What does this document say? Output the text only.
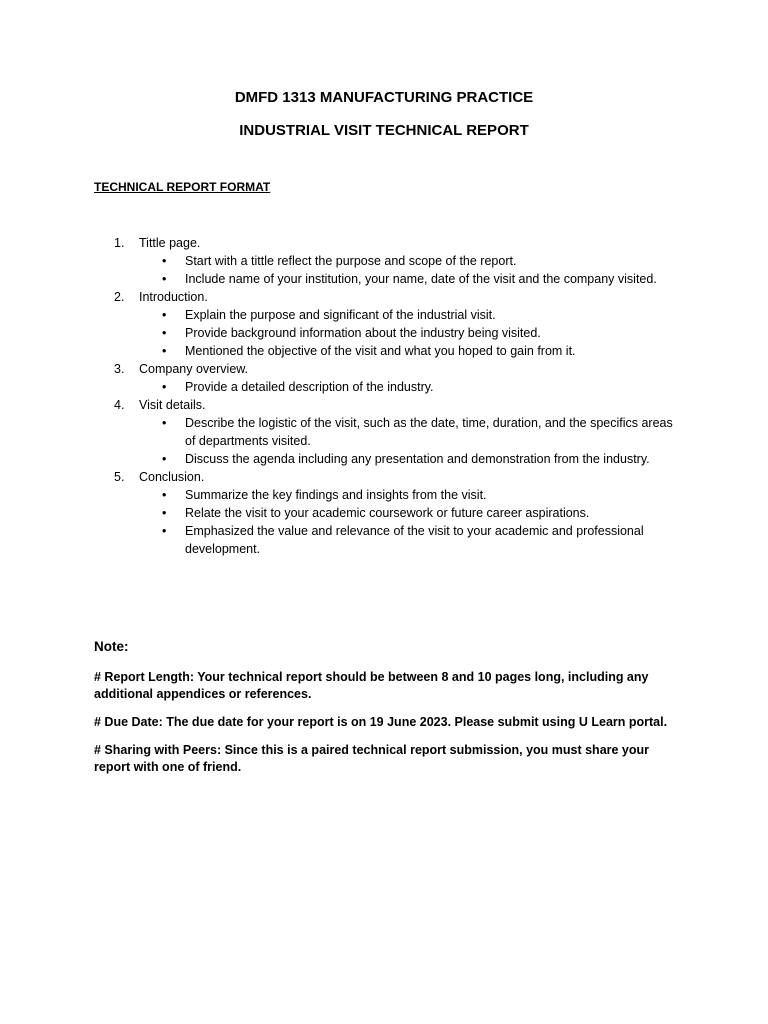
DMFD 1313 MANUFACTURING PRACTICE
INDUSTRIAL VISIT TECHNICAL REPORT
TECHNICAL REPORT FORMAT
1.	Tittle page.
• Start with a tittle reflect the purpose and scope of the report.
• Include name of your institution, your name, date of the visit and the company visited.
2.	Introduction.
• Explain the purpose and significant of the industrial visit.
• Provide background information about the industry being visited.
• Mentioned the objective of the visit and what you hoped to gain from it.
3.	Company overview.
• Provide a detailed description of the industry.
4.	Visit details.
• Describe the logistic of the visit, such as the date, time, duration, and the specifics areas of departments visited.
• Discuss the agenda including any presentation and demonstration from the industry.
5.	Conclusion.
• Summarize the key findings and insights from the visit.
• Relate the visit to your academic coursework or future career aspirations.
• Emphasized the value and relevance of the visit to your academic and professional development.
Note:
# Report Length: Your technical report should be between 8 and 10 pages long, including any additional appendices or references.
# Due Date: The due date for your report is on 19 June 2023. Please submit using U Learn portal.
# Sharing with Peers: Since this is a paired technical report submission, you must share your report with one of friend.
